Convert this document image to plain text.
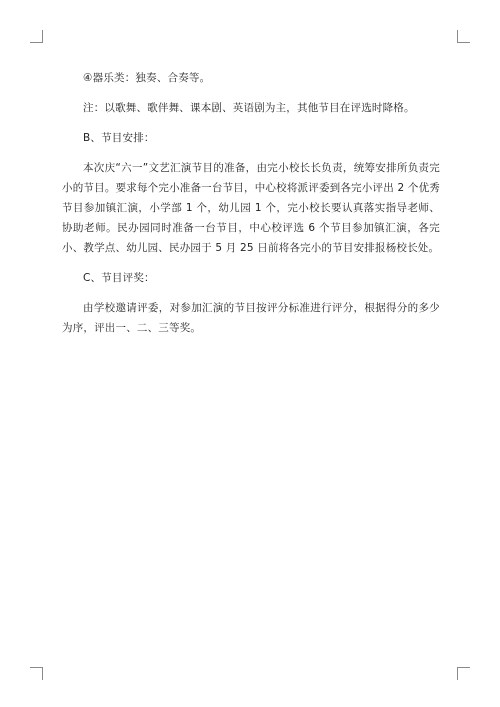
④器乐类：独奏、合奏等。

注：以歌舞、歌伴舞、课本剧、英语剧为主，其他节目在评选时降格。

B、节目安排：

本次庆“六一”文艺汇演节目的准备，由完小校长长负责，统筹安排所负责完小的节目。要求每个完小准备一台节目，中心校将派评委到各完小评出 2 个优秀节目参加镇汇演，小学部 1 个，幼儿园 1 个，完小校长要认真落实指导老师、协助老师。民办园同时准备一台节目，中心校评选 6 个节目参加镇汇演，各完小、教学点、幼儿园、民办园于 5 月 25 日前将各完小的节目安排报杨校长处。

C、节目评奖：

由学校邀请评委，对参加汇演的节目按评分标准进行评分，根据得分的多少为序，评出一、二、三等奖。
